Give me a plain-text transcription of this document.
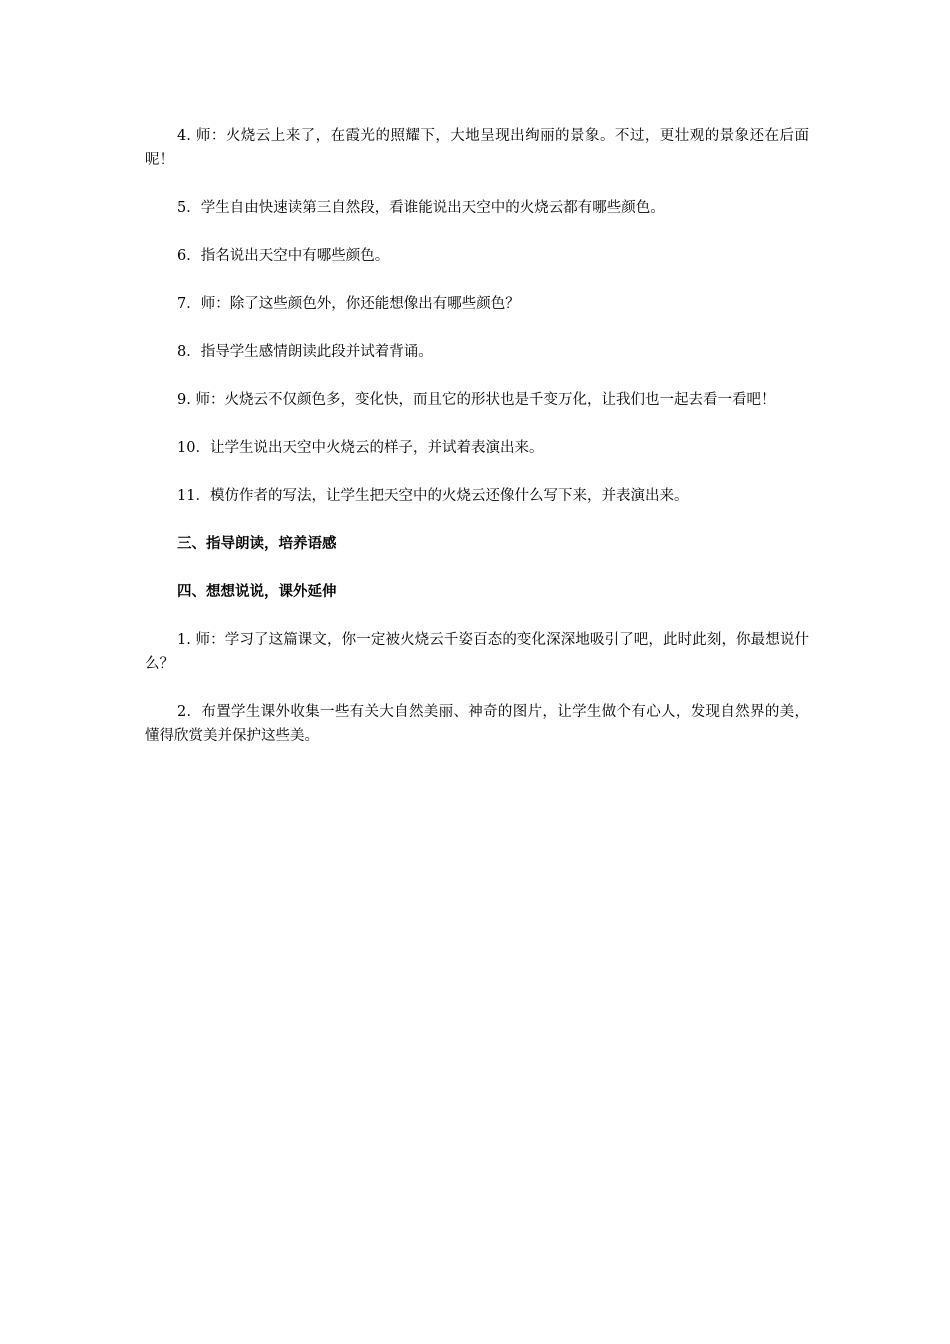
4. 师：火烧云上来了，在霞光的照耀下，大地呈现出绚丽的景象。不过，更壮观的景象还在后面呢！

5．学生自由快速读第三自然段，看谁能说出天空中的火烧云都有哪些颜色。

6．指名说出天空中有哪些颜色。

7．师：除了这些颜色外，你还能想像出有哪些颜色？

8．指导学生感情朗读此段并试着背诵。

9. 师：火烧云不仅颜色多，变化快，而且它的形状也是千变万化，让我们也一起去看一看吧！

10．让学生说出天空中火烧云的样子，并试着表演出来。

11．模仿作者的写法，让学生把天空中的火烧云还像什么写下来，并表演出来。

三、指导朗读，培养语感

四、想想说说，课外延伸

1. 师：学习了这篇课文，你一定被火烧云千姿百态的变化深深地吸引了吧，此时此刻，你最想说什么？

2．布置学生课外收集一些有关大自然美丽、神奇的图片，让学生做个有心人，发现自然界的美，懂得欣赏美并保护这些美。
